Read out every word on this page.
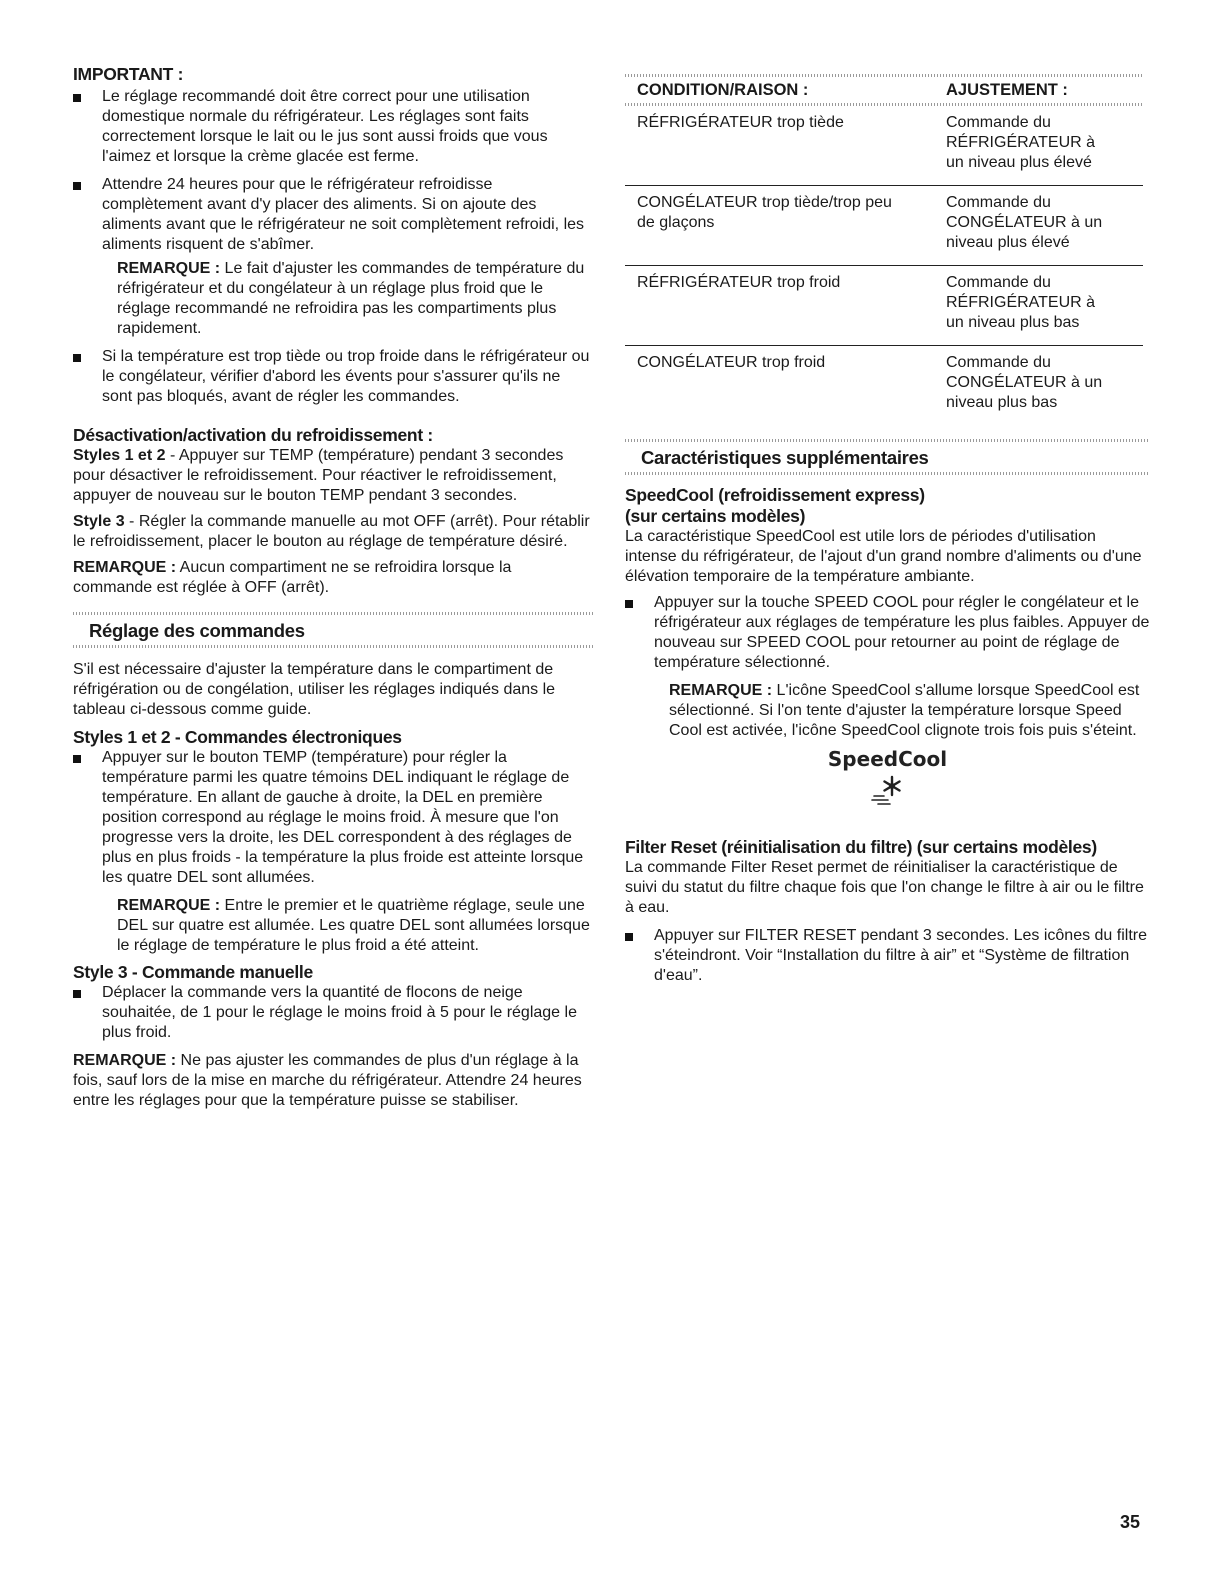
IMPORTANT :
Le réglage recommandé doit être correct pour une utilisation domestique normale du réfrigérateur. Les réglages sont faits correctement lorsque le lait ou le jus sont aussi froids que vous l'aimez et lorsque la crème glacée est ferme.
Attendre 24 heures pour que le réfrigérateur refroidisse complètement avant d'y placer des aliments. Si on ajoute des aliments avant que le réfrigérateur ne soit complètement refroidi, les aliments risquent de s'abîmer.

REMARQUE : Le fait d'ajuster les commandes de température du réfrigérateur et du congélateur à un réglage plus froid que le réglage recommandé ne refroidira pas les compartiments plus rapidement.

Si la température est trop tiède ou trop froide dans le réfrigérateur ou le congélateur, vérifier d'abord les évents pour s'assurer qu'ils ne sont pas bloqués, avant de régler les commandes.
Désactivation/activation du refroidissement :

Styles 1 et 2 - Appuyer sur TEMP (température) pendant 3 secondes pour désactiver le refroidissement. Pour réactiver le refroidissement, appuyer de nouveau sur le bouton TEMP pendant 3 secondes.

Style 3 - Régler la commande manuelle au mot OFF (arrêt). Pour rétablir le refroidissement, placer le bouton au réglage de température désiré.

REMARQUE : Aucun compartiment ne se refroidira lorsque la commande est réglée à OFF (arrêt).

Réglage des commandes

S'il est nécessaire d'ajuster la température dans le compartiment de réfrigération ou de congélation, utiliser les réglages indiqués dans le tableau ci-dessous comme guide.

Styles 1 et 2 - Commandes électroniques
Appuyer sur le bouton TEMP (température) pour régler la température parmi les quatre témoins DEL indiquant le réglage de température. En allant de gauche à droite, la DEL en première position correspond au réglage le moins froid. À mesure que l'on progresse vers la droite, les DEL correspondent à des réglages de plus en plus froids - la température la plus froide est atteinte lorsque les quatre DEL sont allumées.

REMARQUE : Entre le premier et le quatrième réglage, seule une DEL sur quatre est allumée. Les quatre DEL sont allumées lorsque le réglage de température le plus froid a été atteint.

Style 3 - Commande manuelle
Déplacer la commande vers la quantité de flocons de neige souhaitée, de 1 pour le réglage le moins froid à 5 pour le réglage le plus froid.

REMARQUE : Ne pas ajuster les commandes de plus d'un réglage à la fois, sauf lors de la mise en marche du réfrigérateur. Attendre 24 heures entre les réglages pour que la température puisse se stabiliser.

CONDITION/RAISON :	AJUSTEMENT :
RÉFRIGÉRATEUR trop tiède	Commande du RÉFRIGÉRATEUR à un niveau plus élevé
CONGÉLATEUR trop tiède/trop peu de glaçons	Commande du CONGÉLATEUR à un niveau plus élevé
RÉFRIGÉRATEUR trop froid	Commande du RÉFRIGÉRATEUR à un niveau plus bas
CONGÉLATEUR trop froid	Commande du CONGÉLATEUR à un niveau plus bas
Caractéristiques supplémentaires
SpeedCool (refroidissement express)
(sur certains modèles)

La caractéristique SpeedCool est utile lors de périodes d'utilisation intense du réfrigérateur, de l'ajout d'un grand nombre d'aliments ou d'une élévation temporaire de la température ambiante.

Appuyer sur la touche SPEED COOL pour régler le congélateur et le réfrigérateur aux réglages de température les plus faibles. Appuyer de nouveau sur SPEED COOL pour retourner au point de réglage de température sélectionné.

REMARQUE : L'icône SpeedCool s'allume lorsque SpeedCool est sélectionné. Si l'on tente d'ajuster la température lorsque Speed Cool est activée, l'icône SpeedCool clignote trois fois puis s'éteint.

SpeedCool
Filter Reset (réinitialisation du filtre) (sur certains modèles)

La commande Filter Reset permet de réinitialiser la caractéristique de suivi du statut du filtre chaque fois que l'on change le filtre à air ou le filtre à eau.

Appuyer sur FILTER RESET pendant 3 secondes. Les icônes du filtre s'éteindront. Voir “Installation du filtre à air” et “Système de filtration d'eau”.
35
